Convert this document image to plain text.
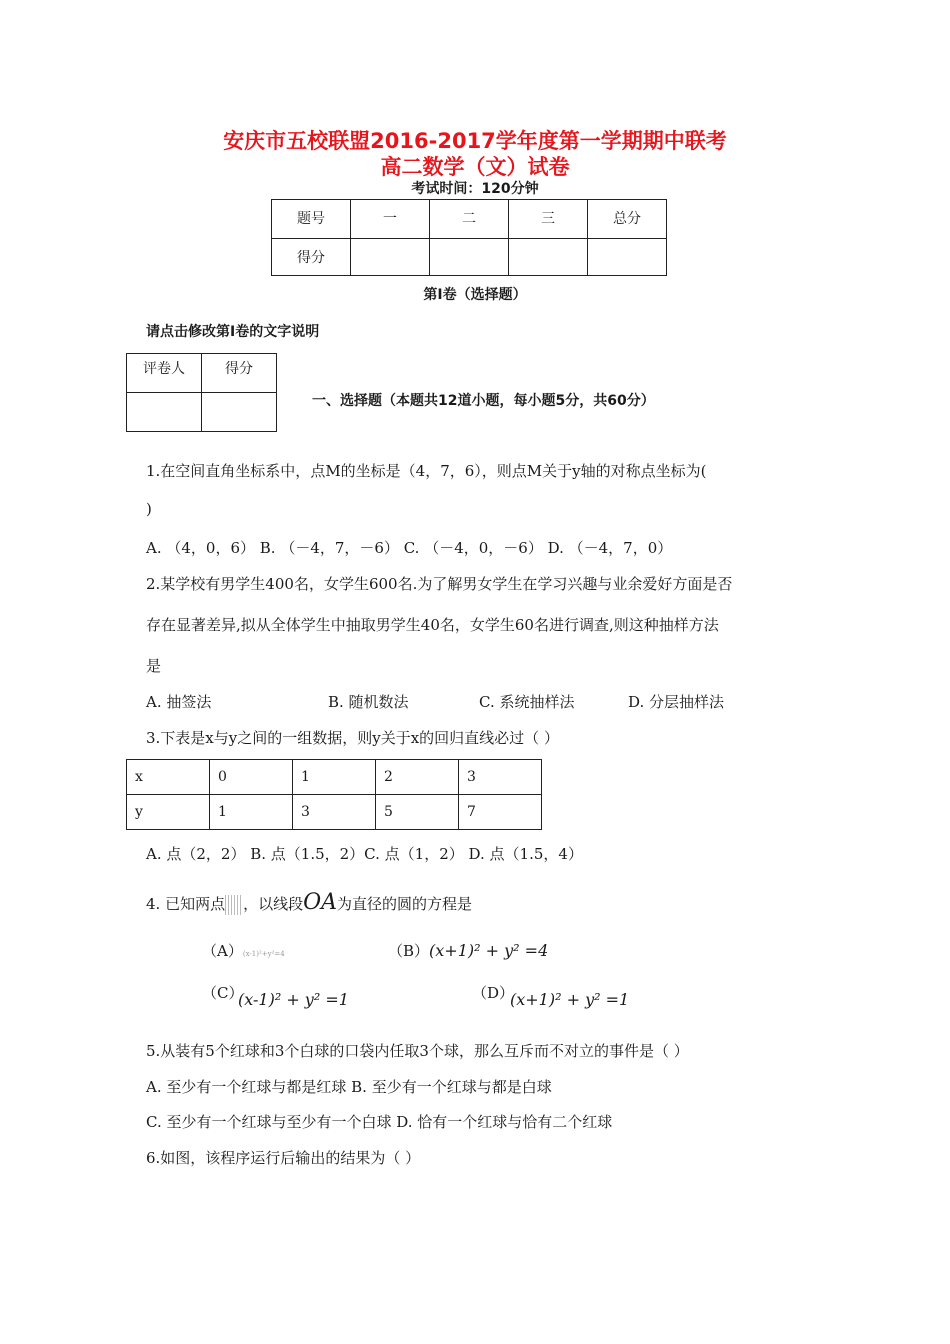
安庆市五校联盟2016-2017学年度第一学期期中联考
高二数学（文）试卷
考试时间：120分钟
题号	一	二	三	总分
得分				
第I卷（选择题）
请点击修改第I卷的文字说明
评卷人	得分

一、选择题（本题共12道小题，每小题5分，共60分）
1.在空间直角坐标系中，点M的坐标是（4，7，6），则点M关于y轴的对称点坐标为(
)
A. （4，0，6） B. （－4，7，－6） C. （－4，0，－6） D. （－4，7，0）
2.某学校有男学生400名，女学生600名.为了解男女学生在学习兴趣与业余爱好方面是否
存在显著差异,拟从全体学生中抽取男学生40名，女学生60名进行调查,则这种抽样方法
是
A. 抽签法	B. 随机数法	C. 系统抽样法	D. 分层抽样法
3.下表是x与y之间的一组数据，则y关于x的回归直线必过（ ）
x	0	1	2	3
y	1	3	5	7
A. 点（2，2） B. 点（1.5，2）C. 点（1，2） D. 点（1.5，4）
4. 已知两点 ，以线段OA为直径的圆的方程是
（A）(x-1)²+y²=4	（B）(x+1)² + y² =4
（C）
(x-1)² + y² =1	（D）
(x+1)² + y² =1
5.从装有5个红球和3个白球的口袋内任取3个球，那么互斥而不对立的事件是（ ）
A. 至少有一个红球与都是红球 B. 至少有一个红球与都是白球
C. 至少有一个红球与至少有一个白球 D. 恰有一个红球与恰有二个红球
6.如图，该程序运行后输出的结果为（ ）
